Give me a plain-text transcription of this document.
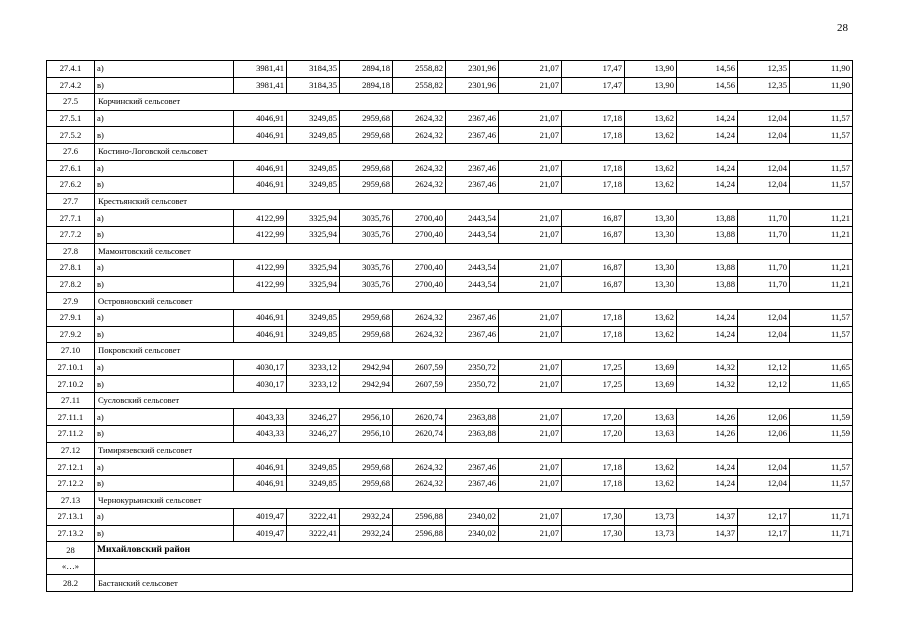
28
27.4.1	а)	3981,41	3184,35	2894,18	2558,82	2301,96	21,07	17,47	13,90	14,56	12,35	11,90
27.4.2	в)	3981,41	3184,35	2894,18	2558,82	2301,96	21,07	17,47	13,90	14,56	12,35	11,90
27.5	Корчинский сельсовет											
27.5.1	а)	4046,91	3249,85	2959,68	2624,32	2367,46	21,07	17,18	13,62	14,24	12,04	11,57
27.5.2	в)	4046,91	3249,85	2959,68	2624,32	2367,46	21,07	17,18	13,62	14,24	12,04	11,57
27.6	Костино-Логовской сельсовет											
27.6.1	а)	4046,91	3249,85	2959,68	2624,32	2367,46	21,07	17,18	13,62	14,24	12,04	11,57
27.6.2	в)	4046,91	3249,85	2959,68	2624,32	2367,46	21,07	17,18	13,62	14,24	12,04	11,57
27.7	Крестьянский сельсовет											
27.7.1	а)	4122,99	3325,94	3035,76	2700,40	2443,54	21,07	16,87	13,30	13,88	11,70	11,21
27.7.2	в)	4122,99	3325,94	3035,76	2700,40	2443,54	21,07	16,87	13,30	13,88	11,70	11,21
27.8	Мамонтовский сельсовет											
27.8.1	а)	4122,99	3325,94	3035,76	2700,40	2443,54	21,07	16,87	13,30	13,88	11,70	11,21
27.8.2	в)	4122,99	3325,94	3035,76	2700,40	2443,54	21,07	16,87	13,30	13,88	11,70	11,21
27.9	Островновский сельсовет											
27.9.1	а)	4046,91	3249,85	2959,68	2624,32	2367,46	21,07	17,18	13,62	14,24	12,04	11,57
27.9.2	в)	4046,91	3249,85	2959,68	2624,32	2367,46	21,07	17,18	13,62	14,24	12,04	11,57
27.10	Покровский сельсовет											
27.10.1	а)	4030,17	3233,12	2942,94	2607,59	2350,72	21,07	17,25	13,69	14,32	12,12	11,65
27.10.2	в)	4030,17	3233,12	2942,94	2607,59	2350,72	21,07	17,25	13,69	14,32	12,12	11,65
27.11	Сусловский сельсовет											
27.11.1	а)	4043,33	3246,27	2956,10	2620,74	2363,88	21,07	17,20	13,63	14,26	12,06	11,59
27.11.2	в)	4043,33	3246,27	2956,10	2620,74	2363,88	21,07	17,20	13,63	14,26	12,06	11,59
27.12	Тимирязевский сельсовет											
27.12.1	а)	4046,91	3249,85	2959,68	2624,32	2367,46	21,07	17,18	13,62	14,24	12,04	11,57
27.12.2	в)	4046,91	3249,85	2959,68	2624,32	2367,46	21,07	17,18	13,62	14,24	12,04	11,57
27.13	Чернокурьинский сельсовет											
27.13.1	а)	4019,47	3222,41	2932,24	2596,88	2340,02	21,07	17,30	13,73	14,37	12,17	11,71
27.13.2	в)	4019,47	3222,41	2932,24	2596,88	2340,02	21,07	17,30	13,73	14,37	12,17	11,71
28	Михайловский район											
«…»												
28.2	Бастанский сельсовет											
